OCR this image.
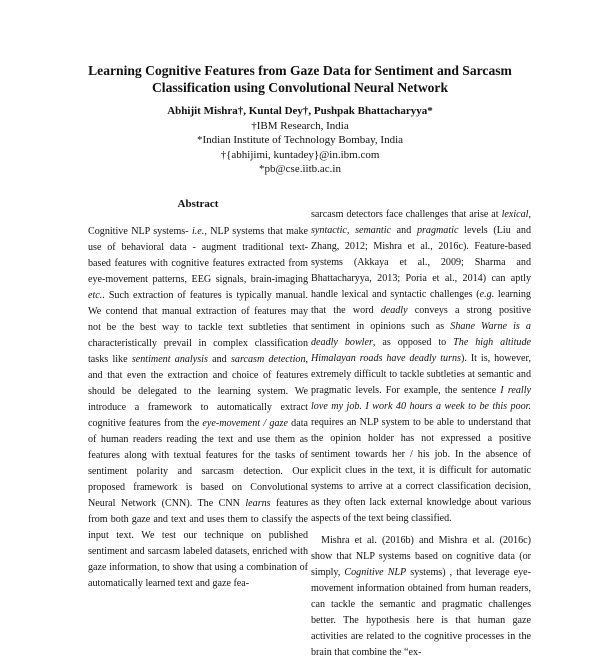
Learning Cognitive Features from Gaze Data for Sentiment and Sarcasm
Classification using Convolutional Neural Network
Abhijit Mishra†, Kuntal Dey†, Pushpak Bhattacharyya*
†IBM Research, India
*Indian Institute of Technology Bombay, India
†{abhijimi, kuntadey}@in.ibm.com
*pb@cse.iitb.ac.in
Abstract

Cognitive NLP systems- i.e., NLP systems that make use of behavioral data - augment traditional text-based features with cognitive features extracted from eye-movement patterns, EEG signals, brain-imaging etc.. Such extraction of features is typically manual. We contend that manual extraction of features may not be the best way to tackle text subtleties that characteristically prevail in complex classification tasks like sentiment analysis and sarcasm detection, and that even the extraction and choice of features should be delegated to the learning system. We introduce a framework to automatically extract cognitive features from the eye-movement / gaze data of human readers reading the text and use them as features along with textual features for the tasks of sentiment polarity and sarcasm detection. Our proposed framework is based on Convolutional Neural Network (CNN). The CNN learns features from both gaze and text and uses them to classify the input text. We test our technique on published sentiment and sarcasm labeled datasets, enriched with gaze information, to show that using a combination of automatically learned text and gaze fea-

sarcasm detectors face challenges that arise at lexical, syntactic, semantic and pragmatic levels (Liu and Zhang, 2012; Mishra et al., 2016c). Feature-based systems (Akkaya et al., 2009; Sharma and Bhattacharyya, 2013; Poria et al., 2014) can aptly handle lexical and syntactic challenges (e.g. learning that the word deadly conveys a strong positive sentiment in opinions such as Shane Warne is a deadly bowler, as opposed to The high altitude Himalayan roads have deadly turns). It is, however, extremely difficult to tackle subtleties at semantic and pragmatic levels. For example, the sentence I really love my job. I work 40 hours a week to be this poor. requires an NLP system to be able to understand that the opinion holder has not expressed a positive sentiment towards her / his job. In the absence of explicit clues in the text, it is difficult for automatic systems to arrive at a correct classification decision, as they often lack external knowledge about various aspects of the text being classified.

Mishra et al. (2016b) and Mishra et al. (2016c) show that NLP systems based on cognitive data (or simply, Cognitive NLP systems) , that leverage eye-movement information obtained from human readers, can tackle the semantic and pragmatic challenges better. The hypothesis here is that human gaze activities are related to the cognitive processes in the brain that combine the “ex-
